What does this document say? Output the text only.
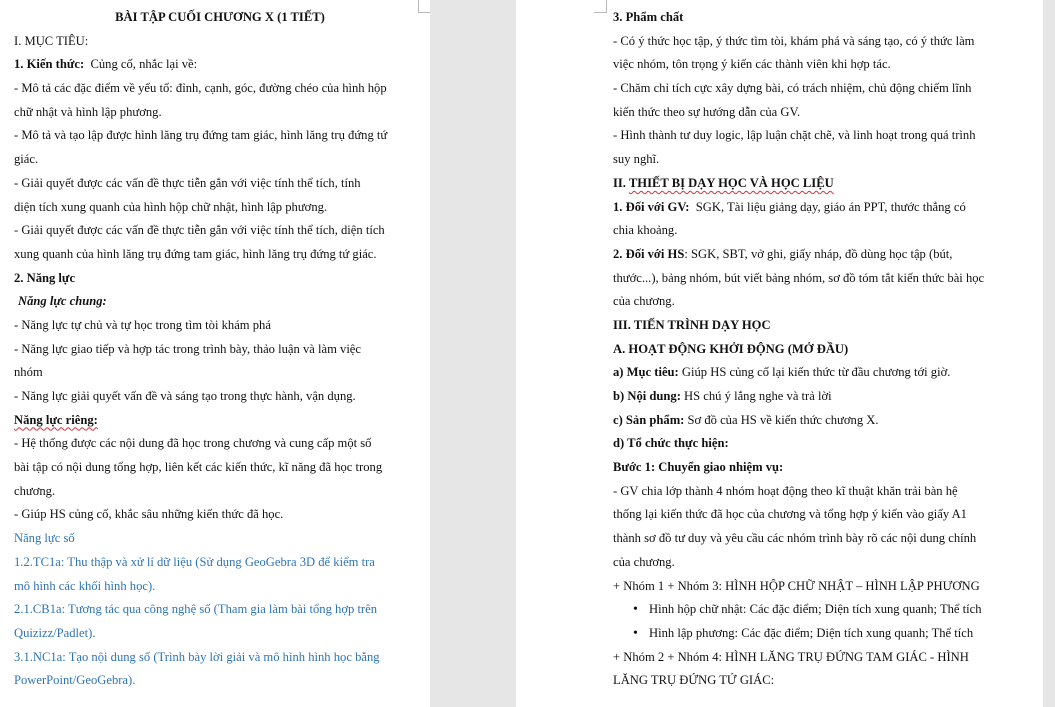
BÀI TẬP CUỐI CHƯƠNG X (1 TIẾT)
I. MỤC TIÊU:
1. Kiến thức: Củng cố, nhắc lại về:
- Mô tả các đặc điểm về yếu tố: đỉnh, cạnh, góc, đường chéo của hình hộp
chữ nhật và hình lập phương.
- Mô tả và tạo lập được hình lăng trụ đứng tam giác, hình lăng trụ đứng tứ
giác.
- Giải quyết được các vấn đề thực tiễn gắn với việc tính thể tích, tính
diện tích xung quanh của hình hộp chữ nhật, hình lập phương.
- Giải quyết được các vấn đề thực tiễn gắn với việc tính thể tích, diện tích
xung quanh của hình lăng trụ đứng tam giác, hình lăng trụ đứng tứ giác.
2. Năng lực
Năng lực chung:
- Năng lực tự chủ và tự học trong tìm tòi khám phá
- Năng lực giao tiếp và hợp tác trong trình bày, thảo luận và làm việc
nhóm
- Năng lực giải quyết vấn đề và sáng tạo trong thực hành, vận dụng.
Năng lực riêng:
- Hệ thống được các nội dung đã học trong chương và cung cấp một số
bài tập có nội dung tổng hợp, liên kết các kiến thức, kĩ năng đã học trong
chương.
- Giúp HS củng cố, khắc sâu những kiến thức đã học.
Năng lực số
1.2.TC1a: Thu thập và xử lí dữ liệu (Sử dụng GeoGebra 3D để kiểm tra
mô hình các khối hình học).
2.1.CB1a: Tương tác qua công nghệ số (Tham gia làm bài tổng hợp trên
Quizizz/Padlet).
3.1.NC1a: Tạo nội dung số (Trình bày lời giải và mô hình hình học bằng
PowerPoint/GeoGebra).
3. Phẩm chất
- Có ý thức học tập, ý thức tìm tòi, khám phá và sáng tạo, có ý thức làm
việc nhóm, tôn trọng ý kiến các thành viên khi hợp tác.
- Chăm chỉ tích cực xây dựng bài, có trách nhiệm, chủ động chiếm lĩnh
kiến thức theo sự hướng dẫn của GV.
- Hình thành tư duy logic, lập luận chặt chẽ, và linh hoạt trong quá trình
suy nghĩ.
II. THIẾT BỊ DẠY HỌC VÀ HỌC LIỆU
1. Đối với GV: SGK, Tài liệu giảng dạy, giáo án PPT, thước thẳng có
chia khoảng.
2. Đối với HS: SGK, SBT, vở ghi, giấy nháp, đồ dùng học tập (bút,
thước...), bảng nhóm, bút viết bảng nhóm, sơ đồ tóm tắt kiến thức bài học
của chương.
III. TIẾN TRÌNH DẠY HỌC
A. HOẠT ĐỘNG KHỞI ĐỘNG (MỞ ĐẦU)
a) Mục tiêu: Giúp HS củng cố lại kiến thức từ đầu chương tới giờ.
b) Nội dung: HS chú ý lắng nghe và trả lời
c) Sản phẩm: Sơ đồ của HS về kiến thức chương X.
d) Tổ chức thực hiện:
Bước 1: Chuyển giao nhiệm vụ:
- GV chia lớp thành 4 nhóm hoạt động theo kĩ thuật khăn trải bàn hệ
thống lại kiến thức đã học của chương và tổng hợp ý kiến vào giấy A1
thành sơ đồ tư duy và yêu cầu các nhóm trình bày rõ các nội dung chính
của chương.
+ Nhóm 1 + Nhóm 3: HÌNH HỘP CHỮ NHẬT – HÌNH LẬP PHƯƠNG
• Hình hộp chữ nhật: Các đặc điểm; Diện tích xung quanh; Thể tích
• Hình lập phương: Các đặc điểm; Diện tích xung quanh; Thể tích
+ Nhóm 2 + Nhóm 4: HÌNH LĂNG TRỤ ĐỨNG TAM GIÁC - HÌNH
LĂNG TRỤ ĐỨNG TỨ GIÁC:
